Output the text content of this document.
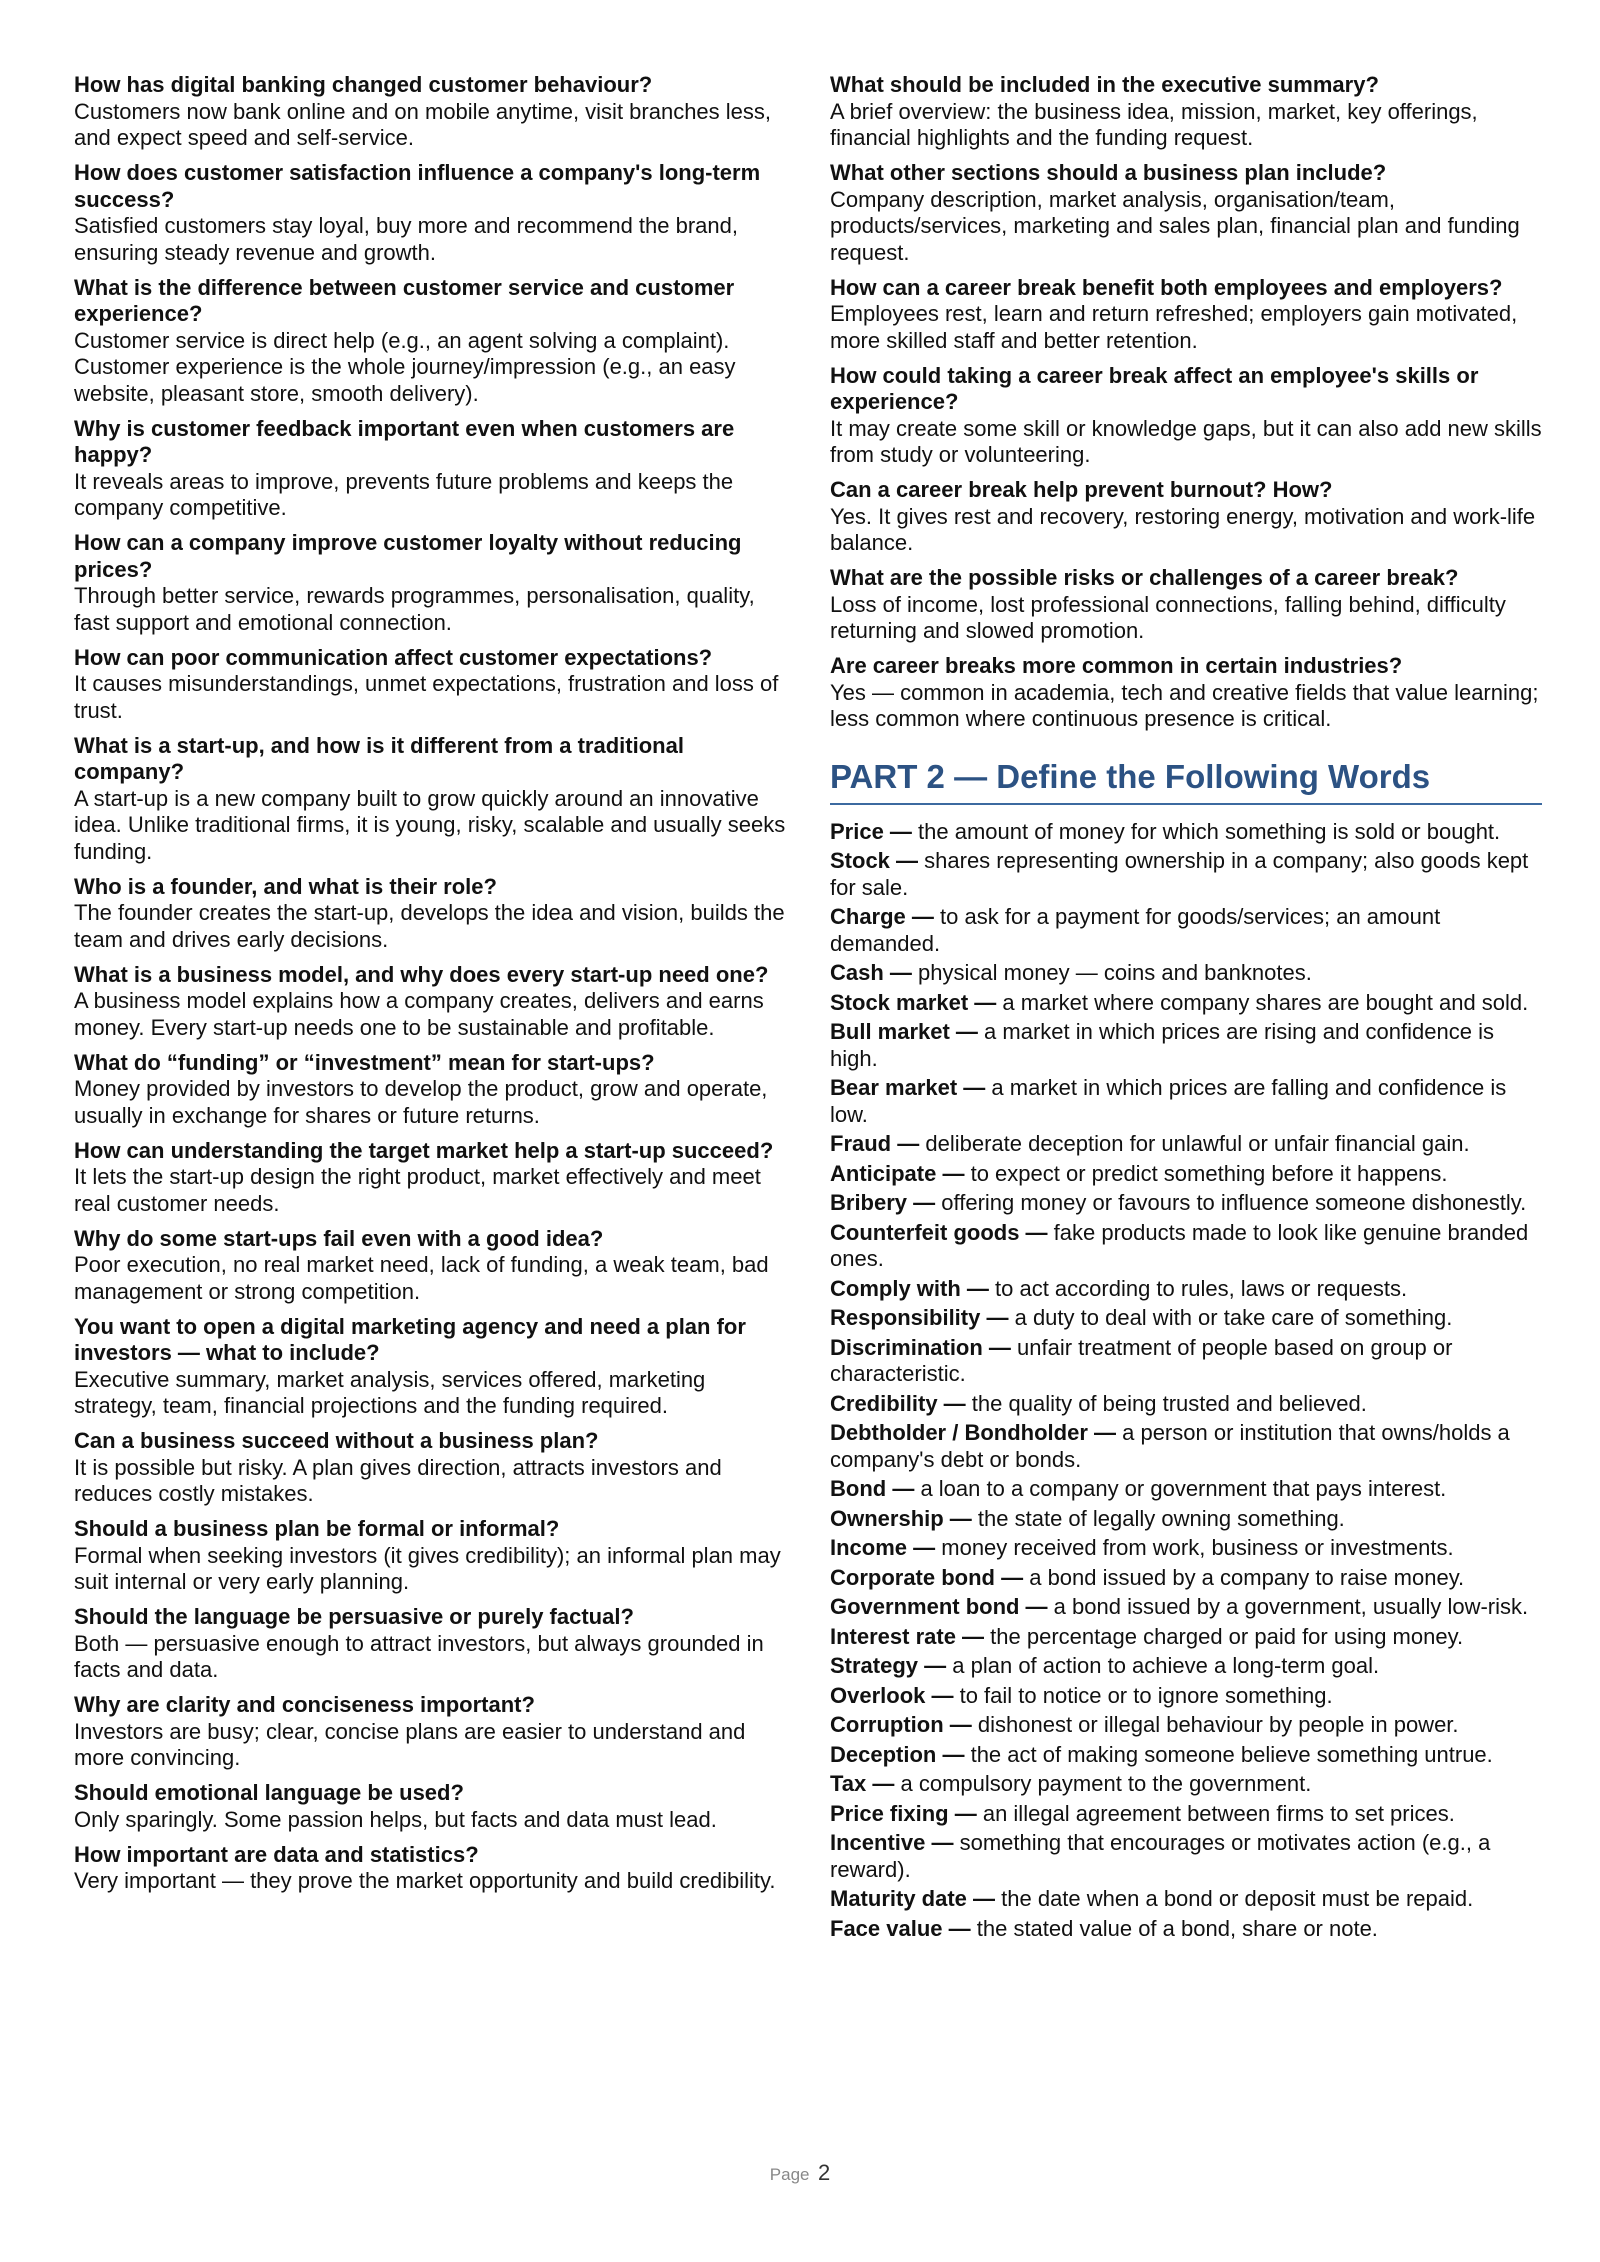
How has digital banking changed customer behaviour?
Customers now bank online and on mobile anytime, visit branches less, and expect speed and self-service.
How does customer satisfaction influence a company's long-term success?
Satisfied customers stay loyal, buy more and recommend the brand, ensuring steady revenue and growth.
What is the difference between customer service and customer experience?
Customer service is direct help (e.g., an agent solving a complaint). Customer experience is the whole journey/impression (e.g., an easy website, pleasant store, smooth delivery).
Why is customer feedback important even when customers are happy?
It reveals areas to improve, prevents future problems and keeps the company competitive.
How can a company improve customer loyalty without reducing prices?
Through better service, rewards programmes, personalisation, quality, fast support and emotional connection.
How can poor communication affect customer expectations?
It causes misunderstandings, unmet expectations, frustration and loss of trust.
What is a start-up, and how is it different from a traditional company?
A start-up is a new company built to grow quickly around an innovative idea. Unlike traditional firms, it is young, risky, scalable and usually seeks funding.
Who is a founder, and what is their role?
The founder creates the start-up, develops the idea and vision, builds the team and drives early decisions.
What is a business model, and why does every start-up need one?
A business model explains how a company creates, delivers and earns money. Every start-up needs one to be sustainable and profitable.
What do “funding” or “investment” mean for start-ups?
Money provided by investors to develop the product, grow and operate, usually in exchange for shares or future returns.
How can understanding the target market help a start-up succeed?
It lets the start-up design the right product, market effectively and meet real customer needs.
Why do some start-ups fail even with a good idea?
Poor execution, no real market need, lack of funding, a weak team, bad management or strong competition.
You want to open a digital marketing agency and need a plan for investors — what to include?
Executive summary, market analysis, services offered, marketing strategy, team, financial projections and the funding required.
Can a business succeed without a business plan?
It is possible but risky. A plan gives direction, attracts investors and reduces costly mistakes.
Should a business plan be formal or informal?
Formal when seeking investors (it gives credibility); an informal plan may suit internal or very early planning.
Should the language be persuasive or purely factual?
Both — persuasive enough to attract investors, but always grounded in facts and data.
Why are clarity and conciseness important?
Investors are busy; clear, concise plans are easier to understand and more convincing.
Should emotional language be used?
Only sparingly. Some passion helps, but facts and data must lead.
How important are data and statistics?
Very important — they prove the market opportunity and build credibility.
What should be included in the executive summary?
A brief overview: the business idea, mission, market, key offerings, financial highlights and the funding request.
What other sections should a business plan include?
Company description, market analysis, organisation/team, products/services, marketing and sales plan, financial plan and funding request.
How can a career break benefit both employees and employers?
Employees rest, learn and return refreshed; employers gain motivated, more skilled staff and better retention.
How could taking a career break affect an employee's skills or experience?
It may create some skill or knowledge gaps, but it can also add new skills from study or volunteering.
Can a career break help prevent burnout? How?
Yes. It gives rest and recovery, restoring energy, motivation and work-life balance.
What are the possible risks or challenges of a career break?
Loss of income, lost professional connections, falling behind, difficulty returning and slowed promotion.
Are career breaks more common in certain industries?
Yes — common in academia, tech and creative fields that value learning; less common where continuous presence is critical.
PART 2 — Define the Following Words
Price — the amount of money for which something is sold or bought.
Stock — shares representing ownership in a company; also goods kept for sale.
Charge — to ask for a payment for goods/services; an amount demanded.
Cash — physical money — coins and banknotes.
Stock market — a market where company shares are bought and sold.
Bull market — a market in which prices are rising and confidence is high.
Bear market — a market in which prices are falling and confidence is low.
Fraud — deliberate deception for unlawful or unfair financial gain.
Anticipate — to expect or predict something before it happens.
Bribery — offering money or favours to influence someone dishonestly.
Counterfeit goods — fake products made to look like genuine branded ones.
Comply with — to act according to rules, laws or requests.
Responsibility — a duty to deal with or take care of something.
Discrimination — unfair treatment of people based on group or characteristic.
Credibility — the quality of being trusted and believed.
Debtholder / Bondholder — a person or institution that owns/holds a company's debt or bonds.
Bond — a loan to a company or government that pays interest.
Ownership — the state of legally owning something.
Income — money received from work, business or investments.
Corporate bond — a bond issued by a company to raise money.
Government bond — a bond issued by a government, usually low-risk.
Interest rate — the percentage charged or paid for using money.
Strategy — a plan of action to achieve a long-term goal.
Overlook — to fail to notice or to ignore something.
Corruption — dishonest or illegal behaviour by people in power.
Deception — the act of making someone believe something untrue.
Tax — a compulsory payment to the government.
Price fixing — an illegal agreement between firms to set prices.
Incentive — something that encourages or motivates action (e.g., a reward).
Maturity date — the date when a bond or deposit must be repaid.
Face value — the stated value of a bond, share or note.
Page 2
